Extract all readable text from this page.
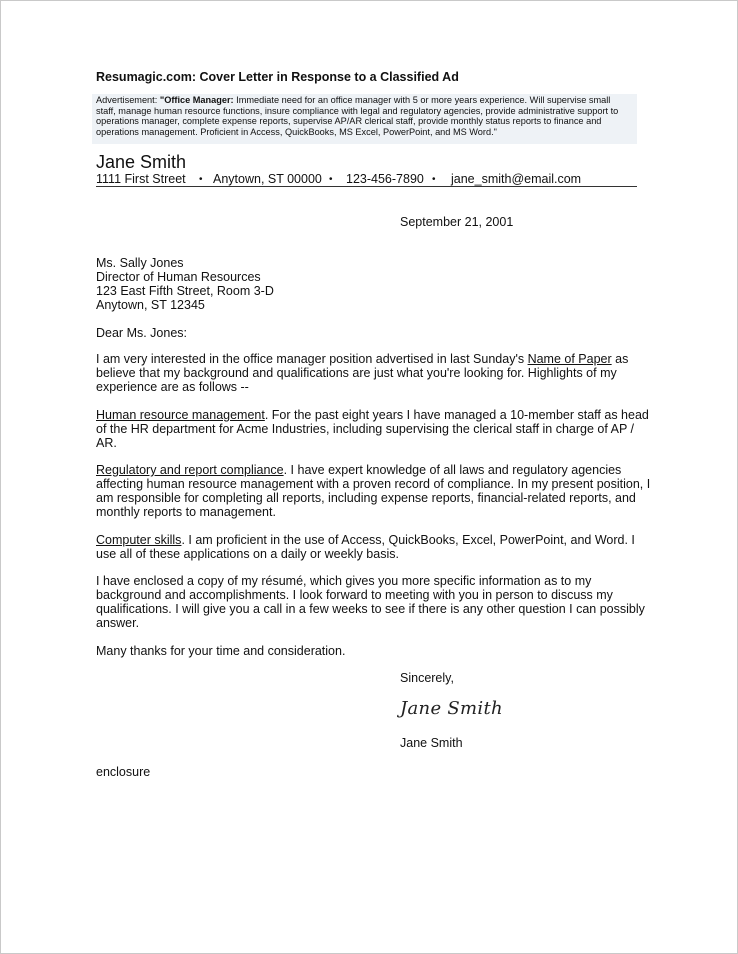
Resumagic.com: Cover Letter in Response to a Classified Ad
Advertisement: "Office Manager: Immediate need for an office manager with 5 or more years experience. Will supervise small staff, manage human resource functions, insure compliance with legal and regulatory agencies, provide administrative support to operations manager, complete expense reports, supervise AP/AR clerical staff, provide monthly status reports to finance and operations management. Proficient in Access, QuickBooks, MS Excel, PowerPoint, and MS Word."
Jane Smith
1111 First Street • Anytown, ST 00000 • 123-456-7890 • jane_smith@email.com
September 21, 2001
Ms. Sally Jones
Director of Human Resources
123 East Fifth Street, Room 3-D
Anytown, ST 12345
Dear Ms. Jones:
I am very interested in the office manager position advertised in last Sunday's Name of Paper as
believe that my background and qualifications are just what you're looking for. Highlights of my
experience are as follows --
Human resource management. For the past eight years I have managed a 10-member staff as head
of the HR department for Acme Industries, including supervising the clerical staff in charge of AP /
AR.
Regulatory and report compliance. I have expert knowledge of all laws and regulatory agencies
affecting human resource management with a proven record of compliance. In my present position, I
am responsible for completing all reports, including expense reports, financial-related reports, and
monthly reports to management.
Computer skills. I am proficient in the use of Access, QuickBooks, Excel, PowerPoint, and Word. I
use all of these applications on a daily or weekly basis.
I have enclosed a copy of my résumé, which gives you more specific information as to my
background and accomplishments. I look forward to meeting with you in person to discuss my
qualifications. I will give you a call in a few weeks to see if there is any other question I can possibly
answer.
Many thanks for your time and consideration.
Sincerely,
Jane Smith
Jane Smith
enclosure
